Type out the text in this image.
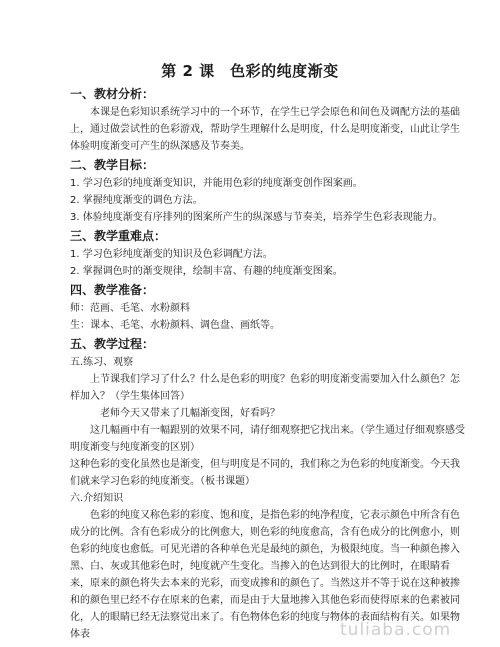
第 2 课　色彩的纯度渐变
一、教材分析：
本课是色彩知识系统学习中的一个环节，在学生已学会原色和间色及调配方法的基础上，通过做尝试性的色彩游戏，帮助学生理解什么是明度，什么是明度渐变，山此让学生体验明度渐变可产生的纵深感及节奏美。
二、教学目标：
1. 学习色彩的纯度渐变知识，并能用色彩的纯度渐变创作图案画。
2. 掌握纯度渐变的调色方法。
3. 体验纯度渐变有序排列的图案所产生的纵深感与节奏美，培养学生色彩表现能力。
三、教学重难点：
1. 学习色彩纯度渐变的知识及色彩调配方法。
2. 掌握调色时的渐变规律，绘制丰富、有趣的纯度渐变图案。
四、教学准备：
师：范画、毛笔、水粉颜料
生：课本、毛笔、水粉颜料、调色盘、画纸等。
五、教学过程：
五.练习、观察
上节课我们学习了什么？什么是色彩的明度？色彩的明度渐变需要加入什么颜色？怎样加入？（学生集体回答）
老师今天又带来了几幅渐变图，好看吗？
这几幅画中有一幅跟别的效果不同，请仔细观察把它找出来。（学生通过仔细观察感受明度渐变与纯度渐变的区别）
这种色彩的变化虽然也是渐变，但与明度是不同的，我们称之为色彩的纯度渐变。今天我们就来学习色彩的纯度渐变。（板书课题）
六.介绍知识
色彩的纯度又称色彩的彩度、饱和度，是指色彩的纯净程度，它表示颜色中所含有色成分的比例。含有色彩成分的比例愈大，则色彩的纯度愈高，含有色成分的比例愈小，则色彩的纯度也愈低。可见光谱的各种单色光是最纯的颜色，为极限纯度。当一种颜色掺入黑、白、灰或其他彩色时，纯度就产生变化。当掺入的色达到很大的比例时，在眼睛看来，原来的颜色将失去本来的光彩，而变成掺和的颜色了。当然这并不等于说在这种被掺和的颜色里已经不存在原来的色素，而是由于大量地掺入其他色彩而使得原来的色素被同化，人的眼睛已经无法察觉出来了。有色物体色彩的纯度与物体的表面结构有关。如果物体表	tuliaba.com
